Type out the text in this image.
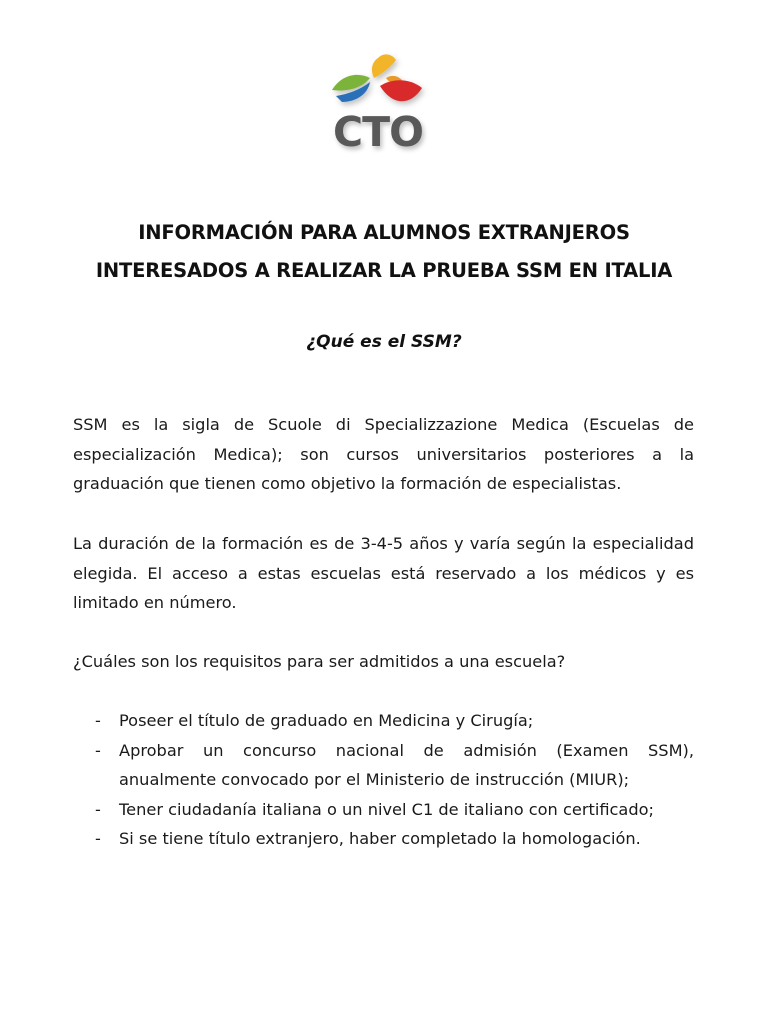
CTO
INFORMACIÓN PARA ALUMNOS EXTRANJEROS
INTERESADOS A REALIZAR LA PRUEBA SSM EN ITALIA
¿Qué es el SSM?

SSM es la sigla de Scuole di Specializzazione Medica (Escuelas de especialización Medica); son cursos universitarios posteriores a la graduación que tienen como objetivo la formación de especialistas.

La duración de la formación es de 3-4-5 años y varía según la especialidad elegida. El acceso a estas escuelas está reservado a los médicos y es limitado en número.

¿Cuáles son los requisitos para ser admitidos a una escuela?

- Poseer el título de graduado en Medicina y Cirugía;
- Aprobar un concurso nacional de admisión (Examen SSM), anualmente convocado por el Ministerio de instrucción (MIUR);
- Tener ciudadanía italiana o un nivel C1 de italiano con certificado;
- Si se tiene título extranjero, haber completado la homologación.
